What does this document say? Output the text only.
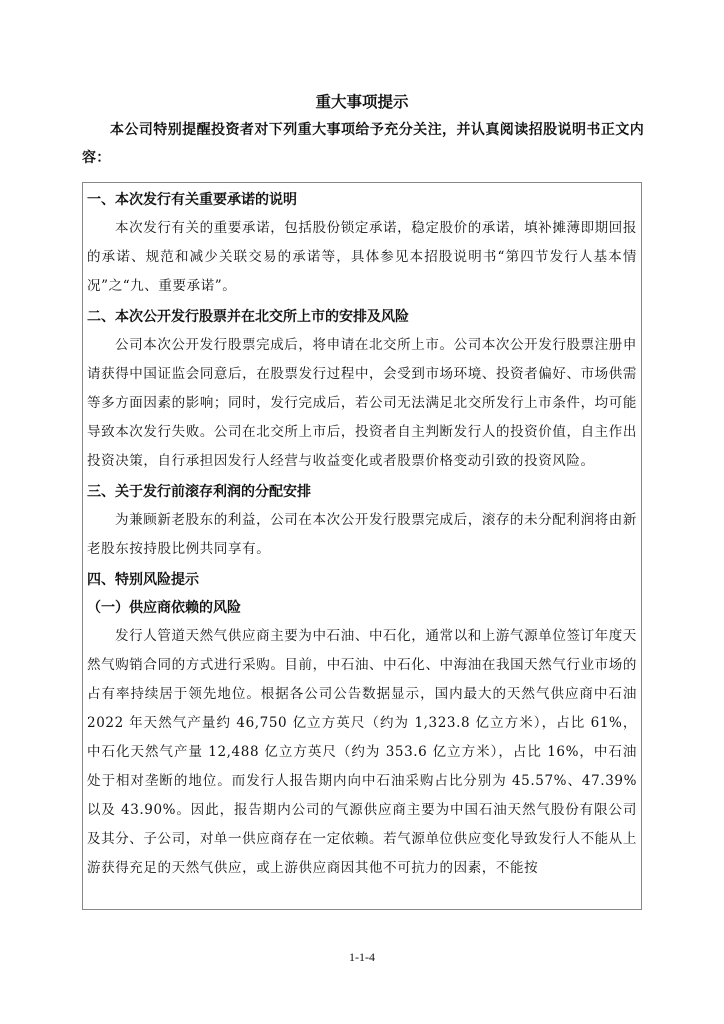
重大事项提示
本公司特别提醒投资者对下列重大事项给予充分关注，并认真阅读招股说明书正文内容：
一、本次发行有关重要承诺的说明
本次发行有关的重要承诺，包括股份锁定承诺，稳定股价的承诺，填补摊薄即期回报的承诺、规范和减少关联交易的承诺等，具体参见本招股说明书“第四节发行人基本情况”之“九、重要承诺”。
二、本次公开发行股票并在北交所上市的安排及风险
公司本次公开发行股票完成后，将申请在北交所上市。公司本次公开发行股票注册申请获得中国证监会同意后，在股票发行过程中，会受到市场环境、投资者偏好、市场供需等多方面因素的影响；同时，发行完成后，若公司无法满足北交所发行上市条件，均可能导致本次发行失败。公司在北交所上市后，投资者自主判断发行人的投资价值，自主作出投资决策，自行承担因发行人经营与收益变化或者股票价格变动引致的投资风险。
三、关于发行前滚存利润的分配安排
为兼顾新老股东的利益，公司在本次公开发行股票完成后，滚存的未分配利润将由新老股东按持股比例共同享有。
四、特别风险提示
（一）供应商依赖的风险
发行人管道天然气供应商主要为中石油、中石化，通常以和上游气源单位签订年度天然气购销合同的方式进行采购。目前，中石油、中石化、中海油在我国天然气行业市场的占有率持续居于领先地位。根据各公司公告数据显示，国内最大的天然气供应商中石油 2022 年天然气产量约 46,750 亿立方英尺（约为 1,323.8 亿立方米），占比 61%，中石化天然气产量 12,488 亿立方英尺（约为 353.6 亿立方米），占比 16%，中石油处于相对垄断的地位。而发行人报告期内向中石油采购占比分别为 45.57%、47.39%以及 43.90%。因此，报告期内公司的气源供应商主要为中国石油天然气股份有限公司及其分、子公司，对单一供应商存在一定依赖。若气源单位供应变化导致发行人不能从上游获得充足的天然气供应，或上游供应商因其他不可抗力的因素，不能按
1-1-4
